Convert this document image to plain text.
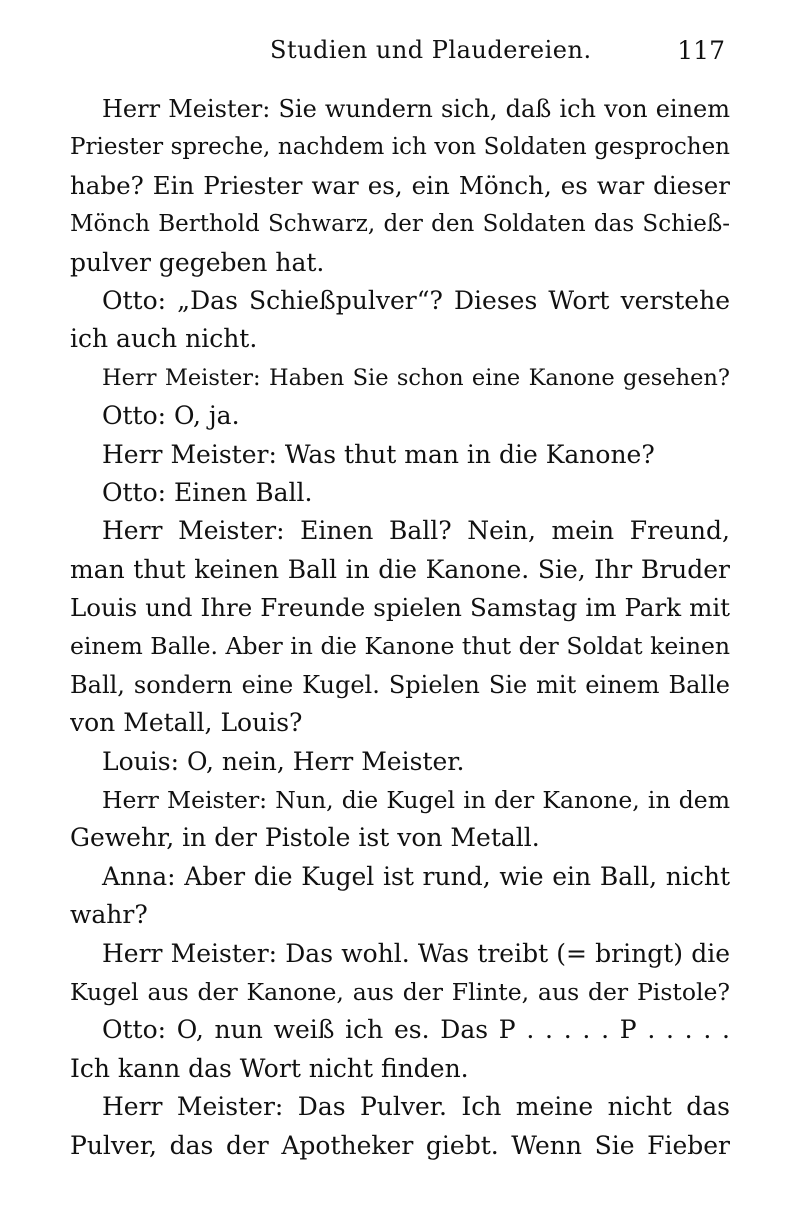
Studien und Plaudereien.	117
Herr Meister: Sie wundern sich, daß ich von einem
Priester spreche, nachdem ich von Soldaten gesprochen
habe? Ein Priester war es, ein Mönch, es war dieser
Mönch Berthold Schwarz, der den Soldaten das Schieß-
pulver gegeben hat.
Otto: „Das Schießpulver“? Dieses Wort verstehe
ich auch nicht.
Herr Meister: Haben Sie schon eine Kanone gesehen?
Otto: O, ja.
Herr Meister: Was thut man in die Kanone?
Otto: Einen Ball.
Herr Meister: Einen Ball? Nein, mein Freund,
man thut keinen Ball in die Kanone. Sie, Ihr Bruder
Louis und Ihre Freunde spielen Samstag im Park mit
einem Balle. Aber in die Kanone thut der Soldat keinen
Ball, sondern eine Kugel. Spielen Sie mit einem Balle
von Metall, Louis?
Louis: O, nein, Herr Meister.
Herr Meister: Nun, die Kugel in der Kanone, in dem
Gewehr, in der Pistole ist von Metall.
Anna: Aber die Kugel ist rund, wie ein Ball, nicht
wahr?
Herr Meister: Das wohl. Was treibt (= bringt) die
Kugel aus der Kanone, aus der Flinte, aus der Pistole?
Otto: O, nun weiß ich es. Das P . . . . . P . . . . .
Ich kann das Wort nicht finden.
Herr Meister: Das Pulver. Ich meine nicht das
Pulver, das der Apotheker giebt. Wenn Sie Fieber
